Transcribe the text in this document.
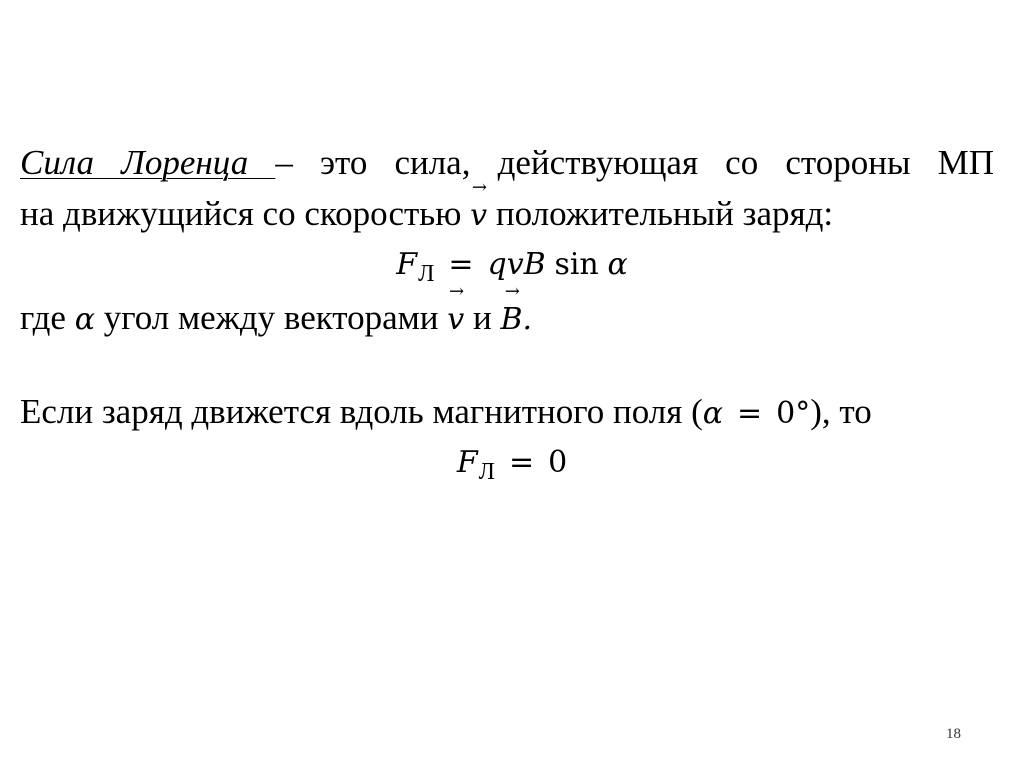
Сила Лоренца – это сила, действующая со стороны МП
на движущийся со скоростью v
→
положительный заряд:
$F_Л$ = qvB sin α
где α угол между векторами v
→
и B
→
.
Если заряд движется вдоль магнитного поля (α = 0°), то
$F_Л = 0$
18
